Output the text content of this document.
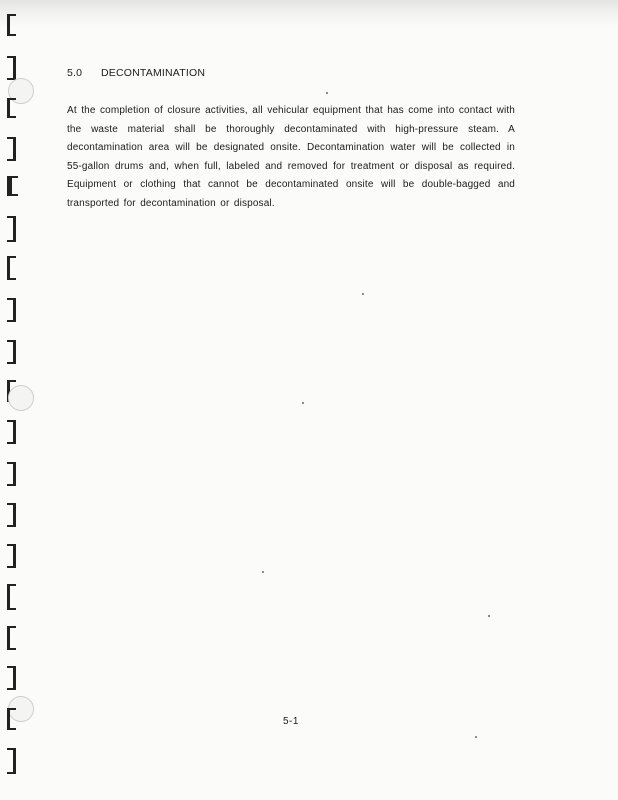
5.0 DECONTAMINATION

At the completion of closure activities, all vehicular equipment that has come into contact with the waste material shall be thoroughly decontaminated with high-pressure steam. A decontamination area will be designated onsite. Decontamination water will be collected in 55-gallon drums and, when full, labeled and removed for treatment or disposal as required. Equipment or clothing that cannot be decontaminated onsite will be double-bagged and transported for decontamination or disposal.

5-1
